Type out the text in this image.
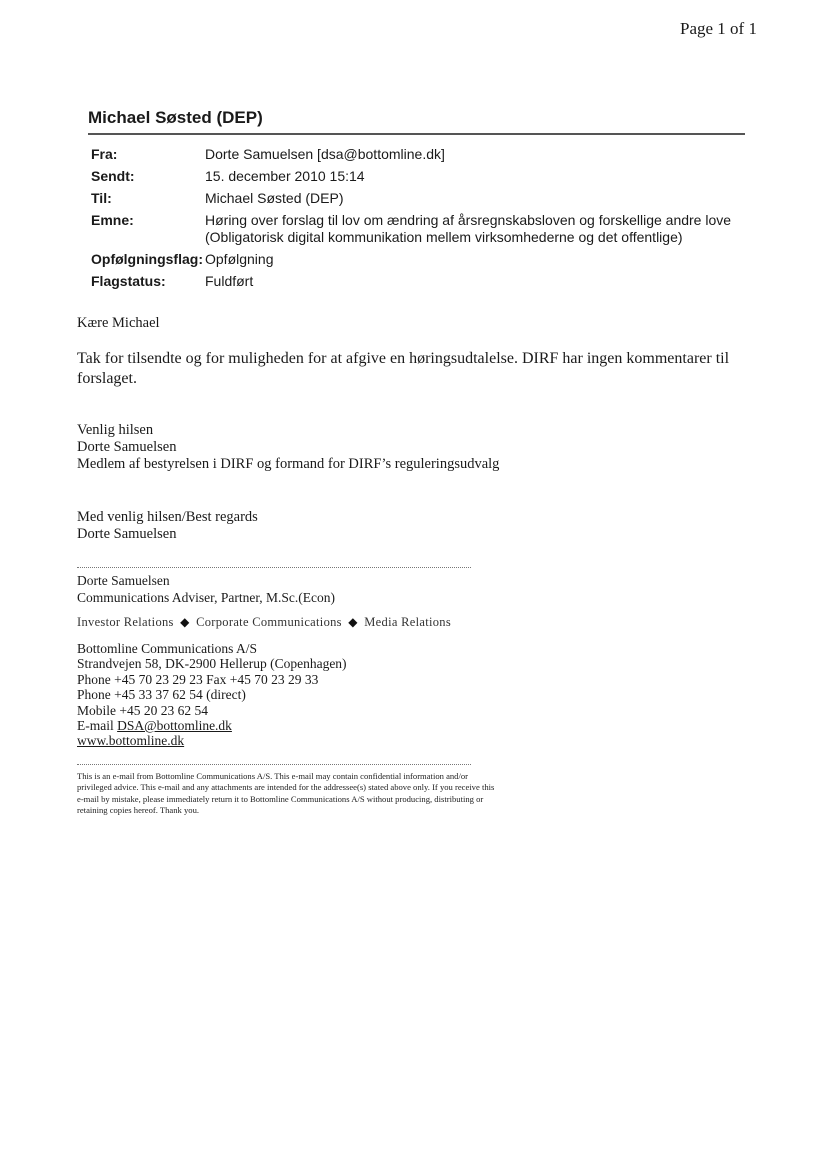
Page 1 of 1
Michael Søsted (DEP)
Fra:	Dorte Samuelsen [dsa@bottomline.dk]
Sendt:	15. december 2010 15:14
Til:	Michael Søsted (DEP)
Emne:	Høring over forslag til lov om ændring af årsregnskabsloven og forskellige andre love (Obligatorisk digital kommunikation mellem virksomhederne og det offentlige)
Opfølgningsflag: Opfølgning
Flagstatus:	Fuldført
Kære Michael
Tak for tilsendte og for muligheden for at afgive en høringsudtalelse. DIRF har ingen kommentarer til forslaget.
Venlig hilsen
Dorte Samuelsen
Medlem af bestyrelsen i DIRF og formand for DIRF’s reguleringsudvalg
Med venlig hilsen/Best regards
Dorte Samuelsen
Dorte Samuelsen
Communications Adviser, Partner, M.Sc.(Econ)
Investor Relations ◆ Corporate Communications ◆ Media Relations
Bottomline Communications A/S
Strandvejen 58, DK-2900 Hellerup (Copenhagen)
Phone +45 70 23 29 23 Fax +45 70 23 29 33
Phone +45 33 37 62 54 (direct)
Mobile +45 20 23 62 54
E-mail DSA@bottomline.dk
www.bottomline.dk
This is an e-mail from Bottomline Communications A/S. This e-mail may contain confidential information and/or privileged advice. This e-mail and any attachments are intended for the addressee(s) stated above only. If you receive this e-mail by mistake, please immediately return it to Bottomline Communications A/S without producing, distributing or retaining copies hereof. Thank you.
